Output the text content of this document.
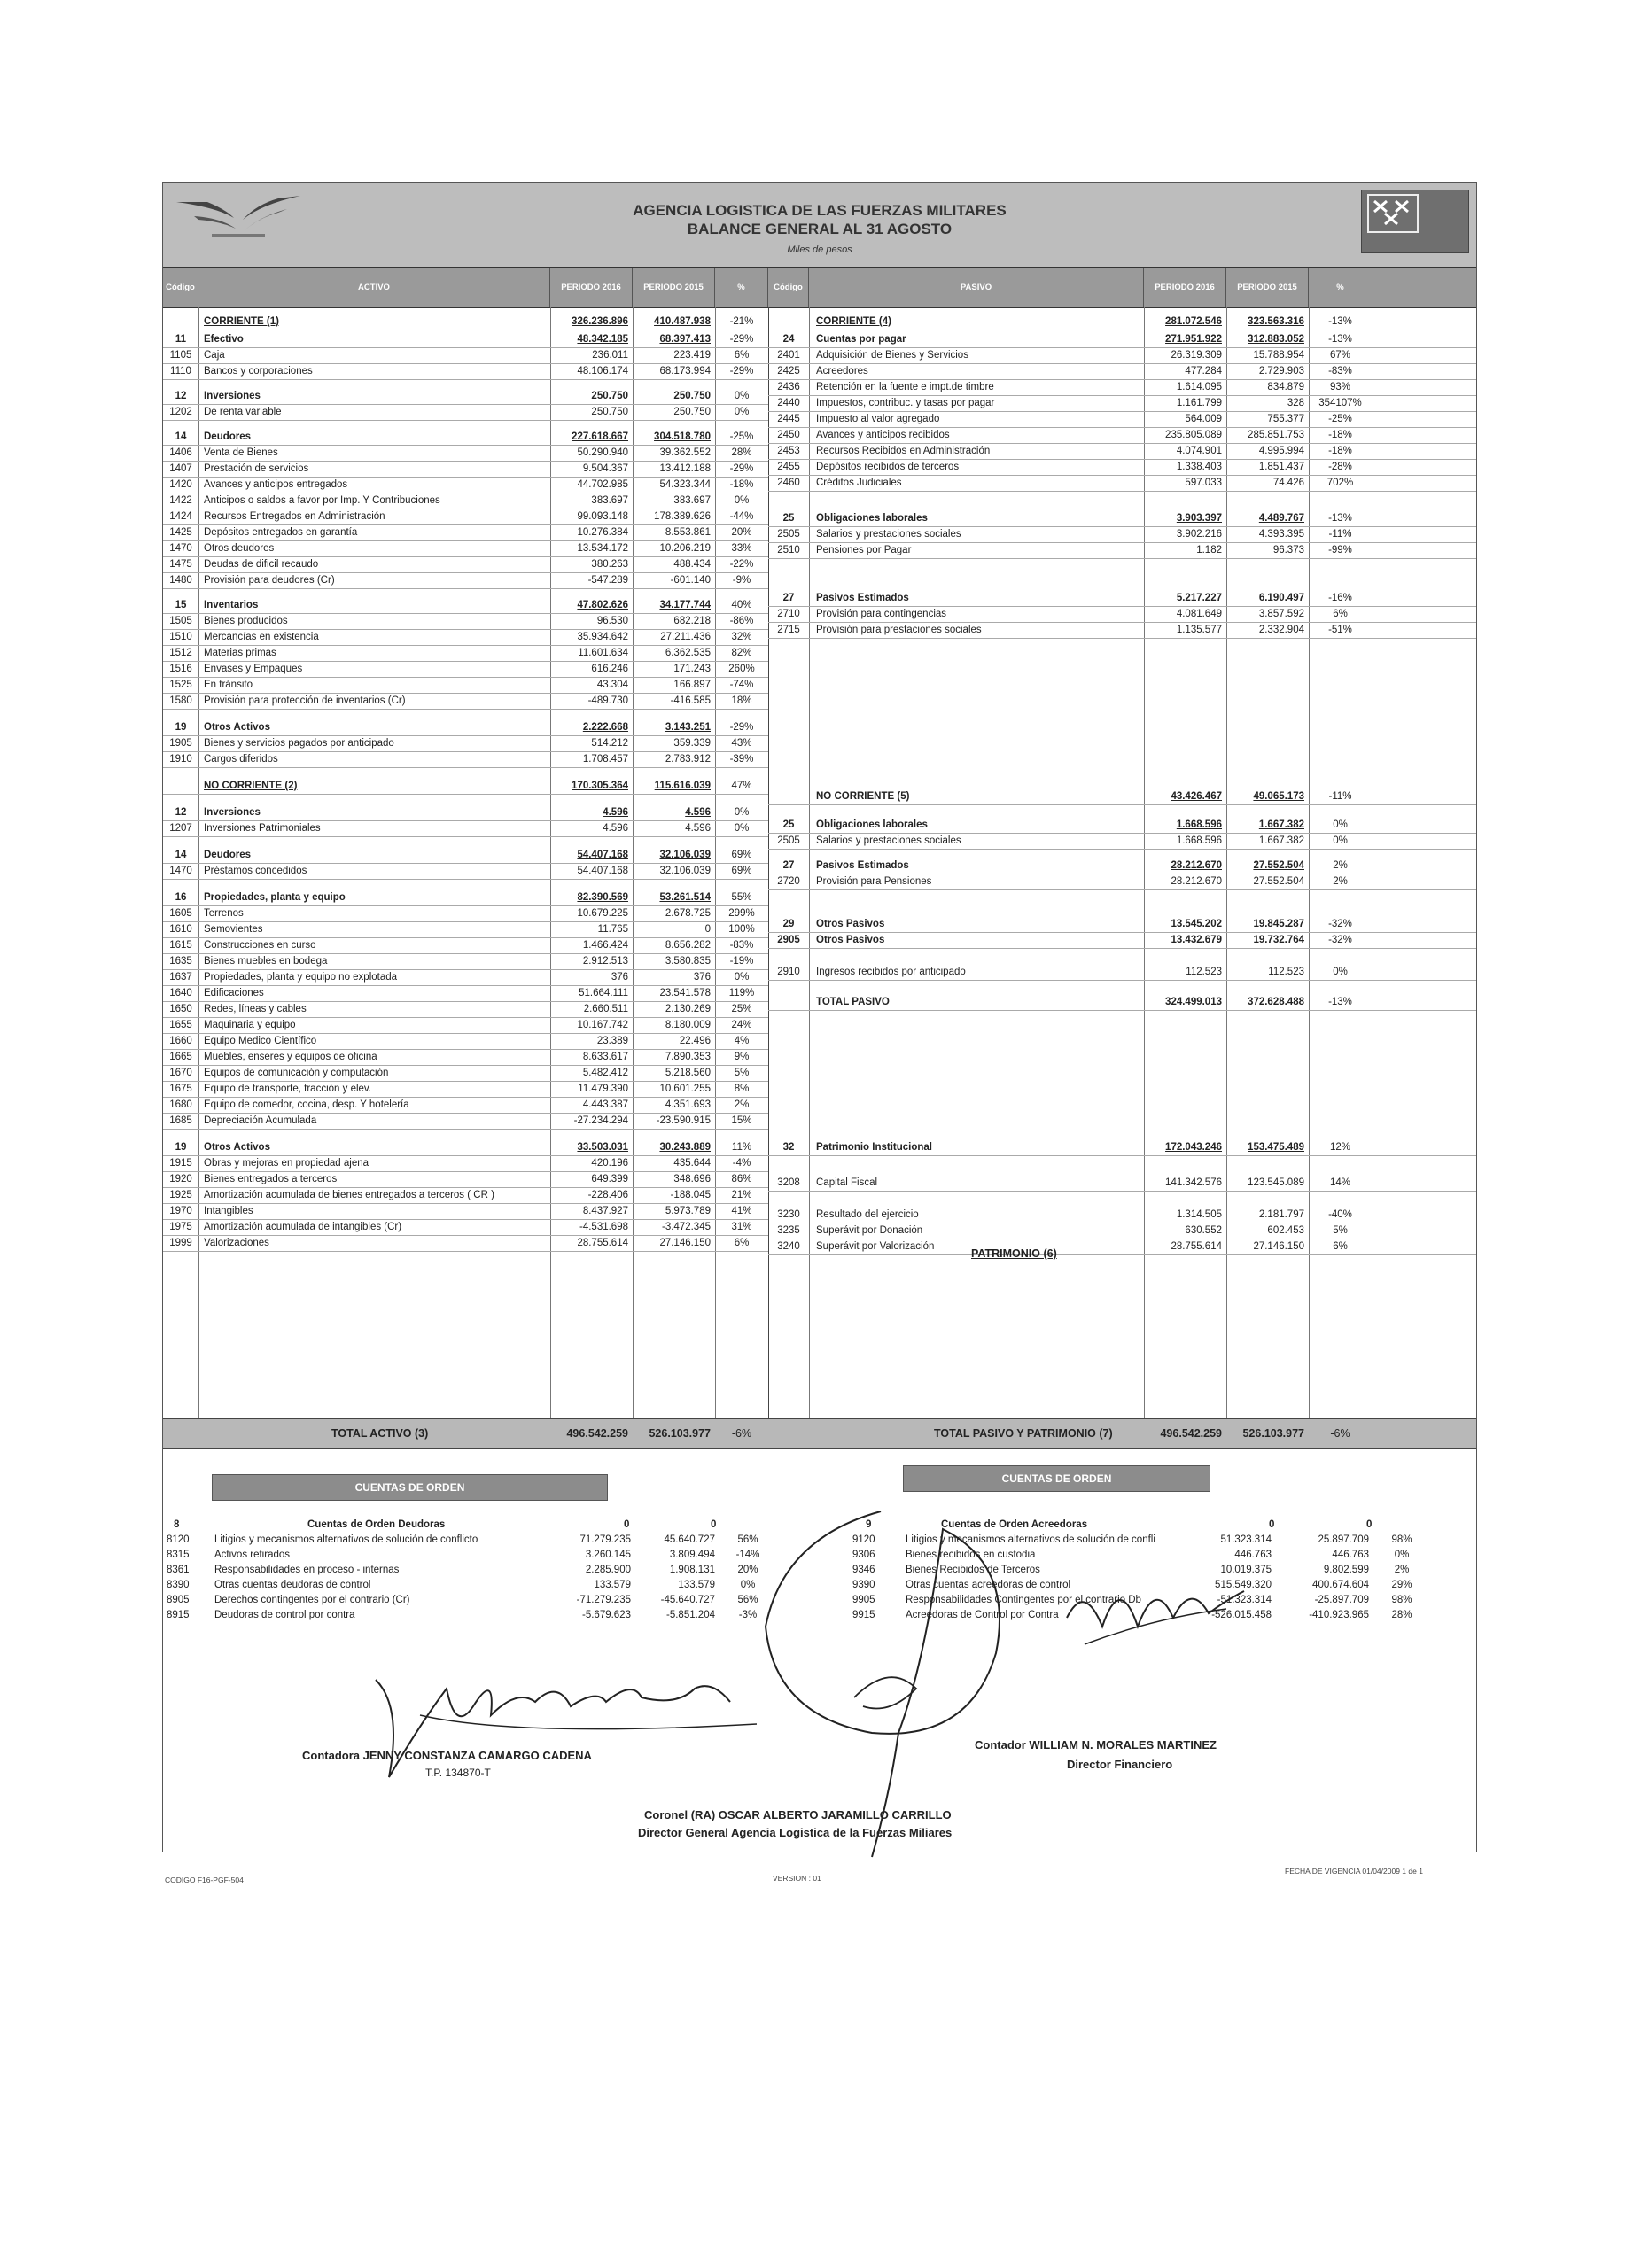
AGENCIA LOGISTICA DE LAS FUERZAS MILITARES
BALANCE GENERAL AL 31 AGOSTO
Miles de pesos
Código	ACTIVO	PERIODO 2016	PERIODO 2015	%	Código	PASIVO	PERIODO 2016	PERIODO 2015	%
CORRIENTE (1)	326.236.896	410.487.938	-21%
11	Efectivo	48.342.185	68.397.413	-29%
1105	Caja	236.011	223.419	6%
1110	Bancos y corporaciones	48.106.174	68.173.994	-29%
12	Inversiones	250.750	250.750	0%
1202	De renta variable	250.750	250.750	0%
14	Deudores	227.618.667	304.518.780	-25%
1406	Venta de Bienes	50.290.940	39.362.552	28%
1407	Prestación de servicios	9.504.367	13.412.188	-29%
1420	Avances y anticipos entregados	44.702.985	54.323.344	-18%
1422	Anticipos o saldos a favor por Imp. Y Contribuciones	383.697	383.697	0%
1424	Recursos Entregados en Administración	99.093.148	178.389.626	-44%
1425	Depósitos entregados en garantía	10.276.384	8.553.861	20%
1470	Otros deudores	13.534.172	10.206.219	33%
1475	Deudas de dificil recaudo	380.263	488.434	-22%
1480	Provisión para deudores (Cr)	-547.289	-601.140	-9%
15	Inventarios	47.802.626	34.177.744	40%
1505	Bienes producidos	96.530	682.218	-86%
1510	Mercancías en existencia	35.934.642	27.211.436	32%
1512	Materias primas	11.601.634	6.362.535	82%
1516	Envases y Empaques	616.246	171.243	260%
1525	En tránsito	43.304	166.897	-74%
1580	Provisión para protección de inventarios (Cr)	-489.730	-416.585	18%
19	Otros Activos	2.222.668	3.143.251	-29%
1905	Bienes y servicios pagados por anticipado	514.212	359.339	43%
1910	Cargos diferidos	1.708.457	2.783.912	-39%
NO CORRIENTE (2)	170.305.364	115.616.039	47%
12	Inversiones	4.596	4.596	0%
1207	Inversiones Patrimoniales	4.596	4.596	0%
14	Deudores	54.407.168	32.106.039	69%
1470	Préstamos concedidos	54.407.168	32.106.039	69%
16	Propiedades, planta y equipo	82.390.569	53.261.514	55%
1605	Terrenos	10.679.225	2.678.725	299%
1610	Semovientes	11.765	0	100%
1615	Construcciones en curso	1.466.424	8.656.282	-83%
1635	Bienes muebles en bodega	2.912.513	3.580.835	-19%
1637	Propiedades, planta y equipo no explotada	376	376	0%
1640	Edificaciones	51.664.111	23.541.578	119%
1650	Redes, líneas y cables	2.660.511	2.130.269	25%
1655	Maquinaria y equipo	10.167.742	8.180.009	24%
1660	Equipo Medico Científico	23.389	22.496	4%
1665	Muebles, enseres y equipos de oficina	8.633.617	7.890.353	9%
1670	Equipos de comunicación y computación	5.482.412	5.218.560	5%
1675	Equipo de transporte, tracción y elev.	11.479.390	10.601.255	8%
1680	Equipo de comedor, cocina, desp. Y hotelería	4.443.387	4.351.693	2%
1685	Depreciación Acumulada	-27.234.294	-23.590.915	15%
19	Otros Activos	33.503.031	30.243.889	11%
1915	Obras y mejoras en propiedad ajena	420.196	435.644	-4%
1920	Bienes entregados a terceros	649.399	348.696	86%
1925	Amortización acumulada de bienes entregados a terceros ( CR )	-228.406	-188.045	21%
1970	Intangibles	8.437.927	5.973.789	41%
1975	Amortización acumulada de intangibles (Cr)	-4.531.698	-3.472.345	31%
1999	Valorizaciones	28.755.614	27.146.150	6%
CORRIENTE (4)	281.072.546	323.563.316	-13%
24	Cuentas por pagar	271.951.922	312.883.052	-13%
2401	Adquisición de Bienes y Servicios	26.319.309	15.788.954	67%
2425	Acreedores	477.284	2.729.903	-83%
2436	Retención en la fuente e impt.de timbre	1.614.095	834.879	93%
2440	Impuestos, contribuc. y tasas por pagar	1.161.799	328	354107%
2445	Impuesto al valor agregado	564.009	755.377	-25%
2450	Avances y anticipos recibidos	235.805.089	285.851.753	-18%
2453	Recursos Recibidos en Administración	4.074.901	4.995.994	-18%
2455	Depósitos recibidos de terceros	1.338.403	1.851.437	-28%
2460	Créditos Judiciales	597.033	74.426	702%
25	Obligaciones laborales	3.903.397	4.489.767	-13%
2505	Salarios y prestaciones sociales	3.902.216	4.393.395	-11%
2510	Pensiones por Pagar	1.182	96.373	-99%
27	Pasivos Estimados	5.217.227	6.190.497	-16%
2710	Provisión para contingencias	4.081.649	3.857.592	6%
2715	Provisión para prestaciones sociales	1.135.577	2.332.904	-51%
NO CORRIENTE (5)	43.426.467	49.065.173	-11%
25	Obligaciones laborales	1.668.596	1.667.382	0%
2505	Salarios y prestaciones sociales	1.668.596	1.667.382	0%
27	Pasivos Estimados	28.212.670	27.552.504	2%
2720	Provisión para Pensiones	28.212.670	27.552.504	2%
29	Otros Pasivos	13.545.202	19.845.287	-32%
2905	Otros Pasivos	13.432.679	19.732.764	-32%
2910	Ingresos recibidos por anticipado	112.523	112.523	0%
TOTAL PASIVO	324.499.013	372.628.488	-13%
32	Patrimonio Institucional	172.043.246	153.475.489	12%
3208	Capital Fiscal	141.342.576	123.545.089	14%
3230	Resultado del ejercicio	1.314.505	2.181.797	-40%
3235	Superávit por Donación	630.552	602.453	5%
3240	Superávit por Valorización	28.755.614	27.146.150	6%
PATRIMONIO (6)
TOTAL ACTIVO (3)	496.542.259	526.103.977	-6%	TOTAL PASIVO Y PATRIMONIO (7)	496.542.259	526.103.977	-6%
CUENTAS DE ORDEN
CUENTAS DE ORDEN
8	Cuentas de Orden Deudoras	0	0
8120 Litigios y mecanismos alternativos de solución de conflicto	71.279.235	45.640.727	56%
8315 Activos retirados	3.260.145	3.809.494	-14%
8361 Responsabilidades en proceso - internas	2.285.900	1.908.131	20%
8390 Otras cuentas deudoras de control	133.579	133.579	0%
8905 Derechos contingentes por el contrario (Cr)	-71.279.235	-45.640.727	56%
8915 Deudoras de control por contra	-5.679.623	-5.851.204	-3%
9	Cuentas de Orden Acreedoras	0	0
9120	Litigios y mecanismos alternativos de solución de confli	51.323.314	25.897.709	98%
9306	Bienes recibidos en custodia	446.763	446.763	0%
9346	Bienes Recibidos de Terceros	10.019.375	9.802.599	2%
9390	Otras cuentas acreedoras de control	515.549.320	400.674.604	29%
9905	Responsabilidades Contingentes por el contrario Db	-51.323.314	-25.897.709	98%
9915	Acreedoras de Control por Contra	-526.015.458	-410.923.965	28%
Contadora JENNY CONSTANZA CAMARGO CADENA
T.P. 134870-T
Contador WILLIAM N. MORALES MARTINEZ
Director Financiero
Coronel (RA) OSCAR ALBERTO JARAMILLO CARRILLO
Director General Agencia Logistica de la Fuerzas Miliares
CODIGO F16-PGF-504	VERSION : 01
FECHA DE VIGENCIA 01/04/2009 1 de 1
